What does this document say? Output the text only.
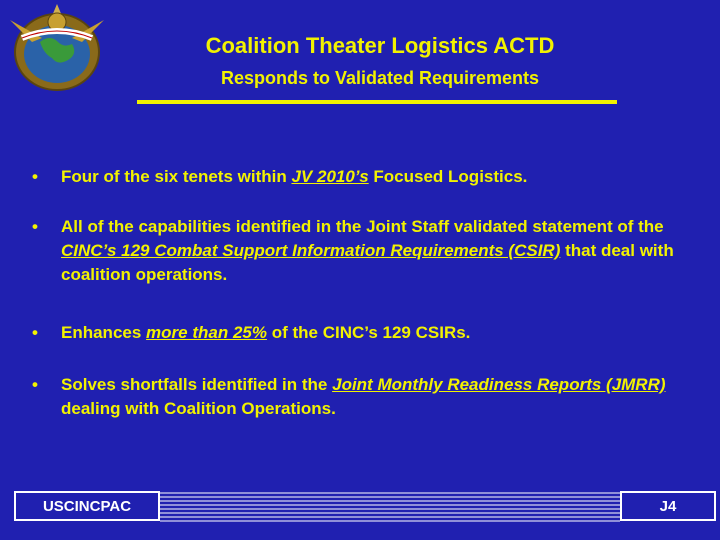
Coalition Theater Logistics ACTD
Responds to Validated Requirements
• Four of the six tenets within JV 2010’s Focused Logistics.
• All of the capabilities identified in the Joint Staff validated statement of the CINC’s 129 Combat Support Information Requirements (CSIR) that deal with coalition operations.
• Enhances more than 25% of the CINC’s 129 CSIRs.
• Solves shortfalls identified in the Joint Monthly Readiness Reports (JMRR) dealing with Coalition Operations.
USCINCPAC	J4
